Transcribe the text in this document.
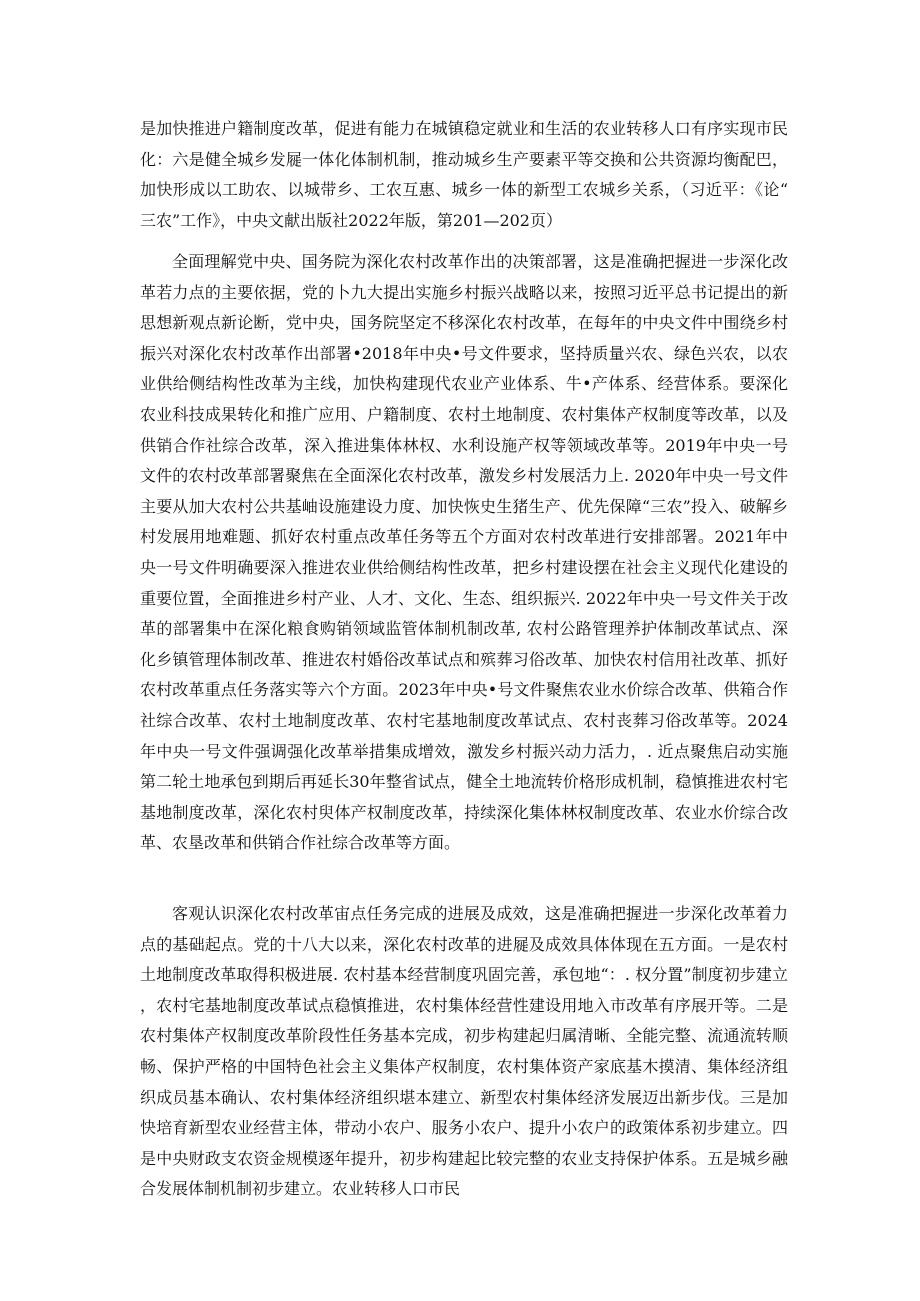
是加快推进户籍制度改革，促进有能力在城镇稳定就业和生活的农业转移人口有序实现市民化：六是健全城乡发屣一体化体制机制，推动城乡生产要素平等交换和公共资源均衡配巴，加快形成以工助农、以城带乡、工农互惠、城乡一体的新型工农城乡关系，（习近平：《论“三农”工作》，中央文献出版社2022年版，第201—202页）

全面理解党中央、国务院为深化农村改革作出的决策部署，这是准确把握进一步深化改革若力点的主要依据，党的卜九大提出实施乡村振兴战略以来，按照习近平总书记提出的新思想新观点新论断，党中央，国务院坚定不移深化农村改革，在每年的中央文件中围绕乡村振兴对深化农村改革作出部署•2018年中央•号文件要求，坚持质量兴农、绿色兴农，以农业供给侧结构性改革为主线，加快构建现代农业产业体系、牛•产体系、经营体系。要深化农业科技成果转化和推广应用、户籍制度、农村土地制度、农村集体产权制度等改革，以及供销合作社综合改革，深入推进集体林权、水利设施产权等领域改革等。2019年中央一号文件的农村改革部署聚焦在全面深化农村改革，激发乡村发展活力上. 2020年中央一号文件主要从加大农村公共基岫设施建设力度、加快恢史生猪生产、优先保障“三农”投入、破解乡村发展用地难题、抓好农村重点改革任务等五个方面对农村改革进行安排部署。2021年中央一号文件明确要深入推进农业供给侧结构性改革，把乡村建设摆在社会主义现代化建设的重要位置，全面推进乡村产业、人才、文化、生态、组织振兴. 2022年中央一号文件关于改革的部署集中在深化粮食购销领域监管体制机制改革, 农村公路管理养护体制改革试点、深化乡镇管理体制改革、推进农村婚俗改革试点和殡葬习俗改革、加快农村信用社改革、抓好农村改革重点任务落实等六个方面。2023年中央•号文件聚焦农业水价综合改革、供箱合作社综合改革、农村土地制度改革、农村宅基地制度改革试点、农村丧葬习俗改革等。2024年中央一号文件强调强化改革举措集成增效，激发乡村振兴动力活力，. 近点聚焦启动实施第二轮土地承包到期后再延长30年整省试点，健全土地流转价格形成机制，稳慎推进农村宅基地制度改革，深化农村臾体产权制度改革，持续深化集体林权制度改革、农业水价综合改革、农垦改革和供销合作社综合改革等方面。

客观认识深化农村改革宙点任务完成的进展及成效，这是准确把握进一步深化改革着力点的基础起点。党的十八大以来，深化农村改革的进屣及成效具体体现在五方面。一是农村土地制度改革取得积极进展. 农村基本经营制度巩固完善，承包地“：. 权分置”制度初步建立，农村宅基地制度改革试点稳慎推进，农村集体经营性建设用地入市改革有序展开等。二是农村集体产权制度改革阶段性任务基本完成，初步构建起归属清晰、全能完整、流通流转顺畅、保护严格的中国特色社会主义集体产权制度，农村集体资产家底基木摸清、集体经济组织成员基本确认、农村集体经济组织堪本建立、新型农村集体经济发展迈出新步伐。三是加快培育新型农业经营主体，带动小农户、服务小农户、提升小农户的政策体系初步建立。四是中央财政支农资金规模逐年提升，初步构建起比较完整的农业支持保护体系。五是城乡融合发展体制机制初步建立。农业转移人口市民
